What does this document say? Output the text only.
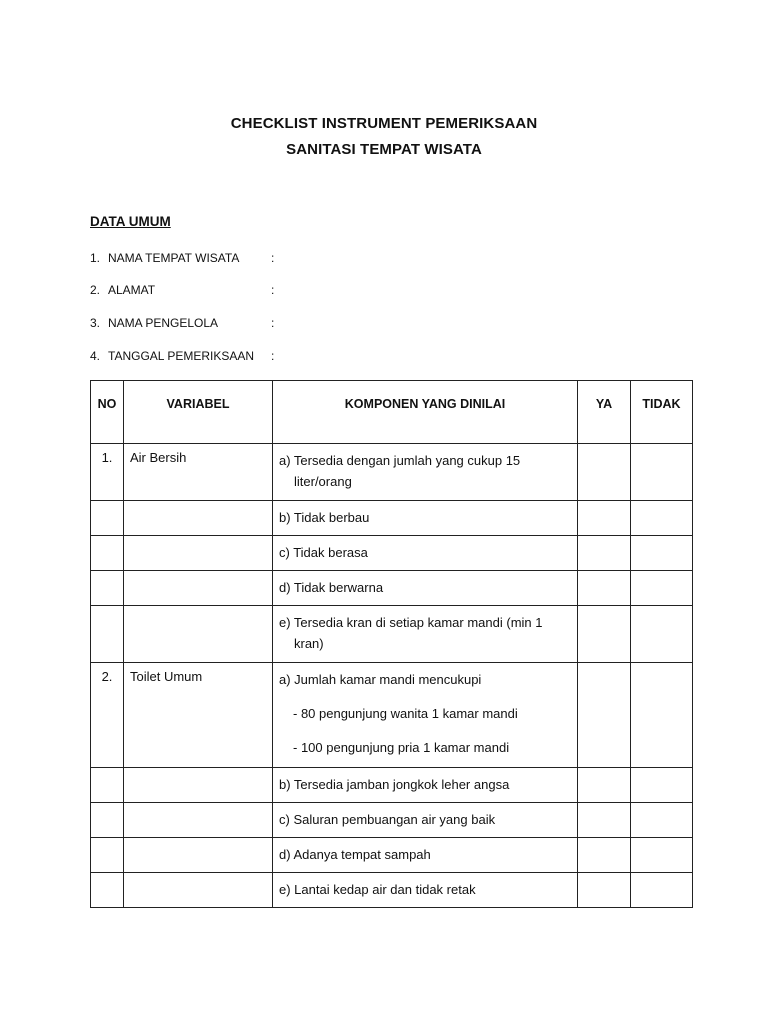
CHECKLIST INSTRUMENT PEMERIKSAAN
SANITASI TEMPAT WISATA
DATA UMUM
1. NAMA TEMPAT WISATA	:
2. ALAMAT	:
3. NAMA PENGELOLA	:
4. TANGGAL PEMERIKSAAN :
NO	VARIABEL	KOMPONEN YANG DINILAI	YA	TIDAK
1.	Air Bersih	a) Tersedia dengan jumlah yang cukup 15
liter/orang		

		b) Tidak berbau		

		c) Tidak berasa		

		d) Tidak berwarna		

		e) Tersedia kran di setiap kamar mandi (min 1
kran)		

2.	Toilet Umum	a) Jumlah kamar mandi mencukupi
- 80 pengunjung wanita 1 kamar mandi
- 100 pengunjung pria 1 kamar mandi		

		b) Tersedia jamban jongkok leher angsa		

		c) Saluran pembuangan air yang baik		

		d) Adanya tempat sampah		

		e) Lantai kedap air dan tidak retak		
